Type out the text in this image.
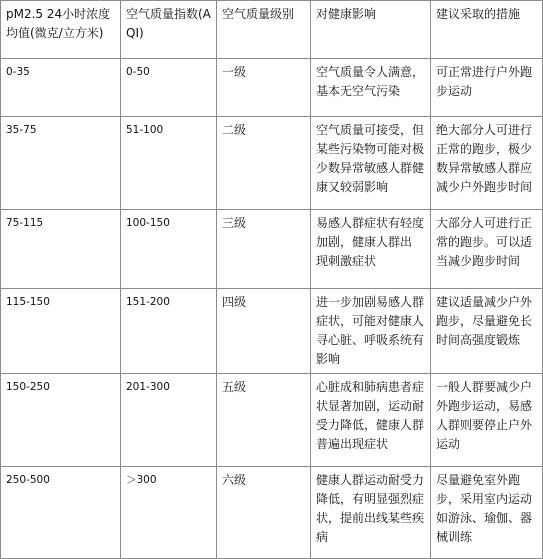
pM2.5 24小时浓度均值(微克/立方米)	空气质量指数(AQI)	空气质量级别	对健康影响	建议采取的措施
0-35	0-50	一级	空气质量令人满意，基本无空气污染	可正常进行户外跑步运动
35-75	51-100	二级	空气质量可接受，但某些污染物可能对极少数异常敏感人群健康又较弱影响	绝大部分人可进行正常的跑步，极少数异常敏感人群应减少户外跑步时间
75-115	100-150	三级	易感人群症状有轻度加剧，健康人群出　现刺激症状	大部分人可进行正常的跑步。可以适当减少跑步时间
115-150	151-200	四级	进一步加剧易感人群症状，可能对健康人寻心脏、呼吸系统有影响	建议适量减少户外跑步，尽量避免长时间高强度锻炼
150-250	201-300	五级	心脏成和肺病患者症状显著加剧，运动耐受力降低，健康人群普遍出现症状	一般人群要减少户外跑步运动，易感人群则要停止户外运动
250-500	＞300	六级	健康人群运动耐受力降低，有明显强烈症状，提前出线某些疾病	尽量避免室外跑步，采用室内运动如游泳、瑜伽、器械训练
